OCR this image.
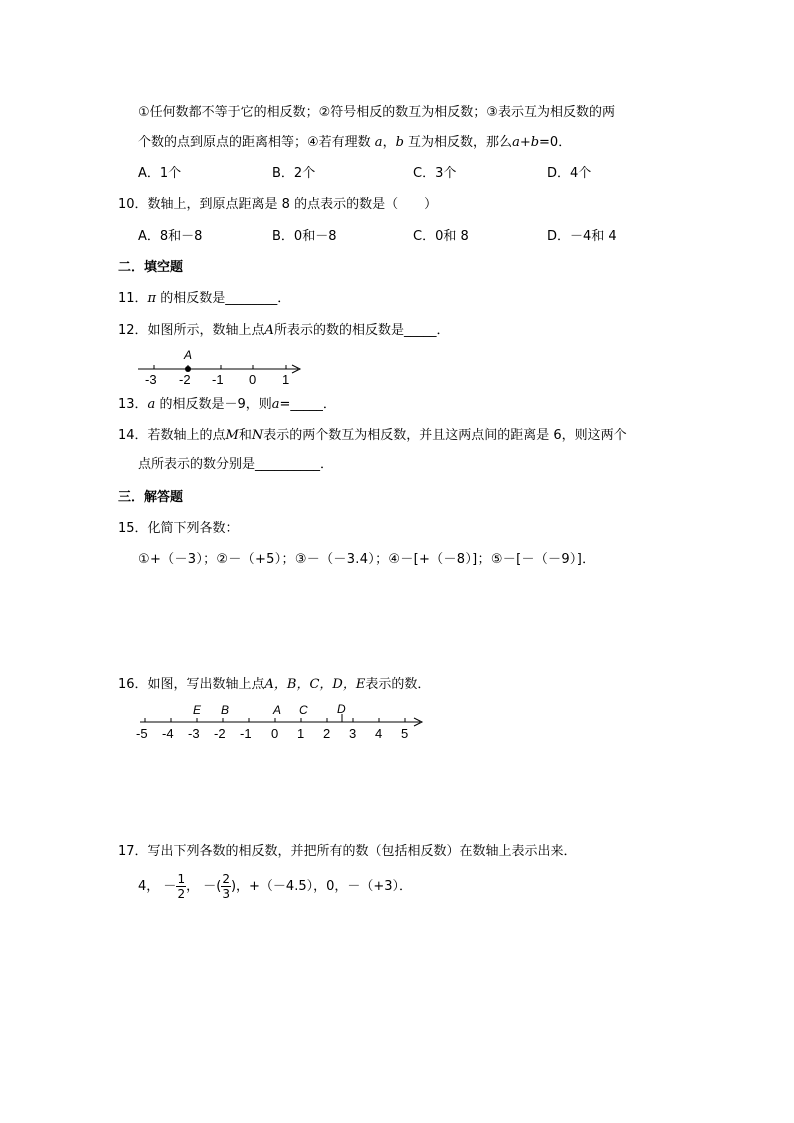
①任何数都不等于它的相反数；②符号相反的数互为相反数；③表示互为相反数的两
个数的点到原点的距离相等；④若有理数 a，b 互为相反数，那么a+b=0．
A．1个	B．2个	C．3个	D．4个
10．数轴上，到原点距离是 8 的点表示的数是（　　）
A．8和－8	B．0和－8	C．0和 8	D．－4和 4
二．填空题
11．π 的相反数是________．
12．如图所示，数轴上点A所表示的数的相反数是_____．
A
-3 -2 -1 0 1
13．a 的相反数是－9，则a=_____．
14．若数轴上的点M和N表示的两个数互为相反数，并且这两点间的距离是 6，则这两个
点所表示的数分别是__________．
三．解答题
15．化简下列各数：
①+（－3）；②－（+5）；③－（－3.4）；④－[+（－8）]；⑤－[－（－9）]．
16．如图，写出数轴上点A，B，C，D，E表示的数．
E B	A C D
-5 -4 -3 -2 -1 0 1 2 3 4 5
17．写出下列各数的相反数，并把所有的数（包括相反数）在数轴上表示出来．
4， － $\frac{1}{2}$ ， －( $\frac{2}{3}$ )，+（－4.5），0，－（+3）．
